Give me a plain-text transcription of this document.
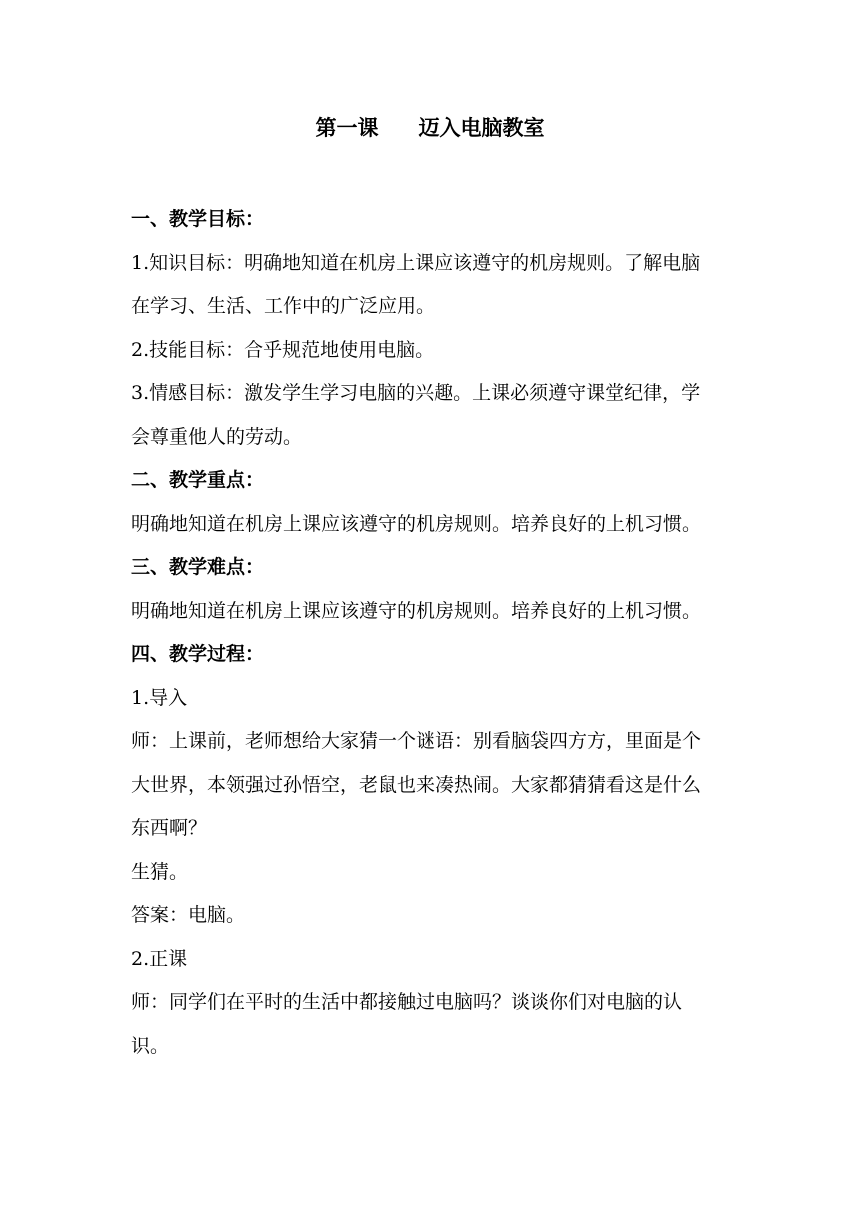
第一课 迈入电脑教室
一、教学目标：
1.知识目标：明确地知道在机房上课应该遵守的机房规则。了解电脑
在学习、生活、工作中的广泛应用。
2.技能目标：合乎规范地使用电脑。
3.情感目标：激发学生学习电脑的兴趣。上课必须遵守课堂纪律，学
会尊重他人的劳动。
二、教学重点：
明确地知道在机房上课应该遵守的机房规则。培养良好的上机习惯。
三、教学难点：
明确地知道在机房上课应该遵守的机房规则。培养良好的上机习惯。
四、教学过程：
1.导入
师：上课前，老师想给大家猜一个谜语：别看脑袋四方方，里面是个
大世界，本领强过孙悟空，老鼠也来凑热闹。大家都猜猜看这是什么
东西啊？
生猜。
答案：电脑。
2.正课
师：同学们在平时的生活中都接触过电脑吗？谈谈你们对电脑的认
识。
